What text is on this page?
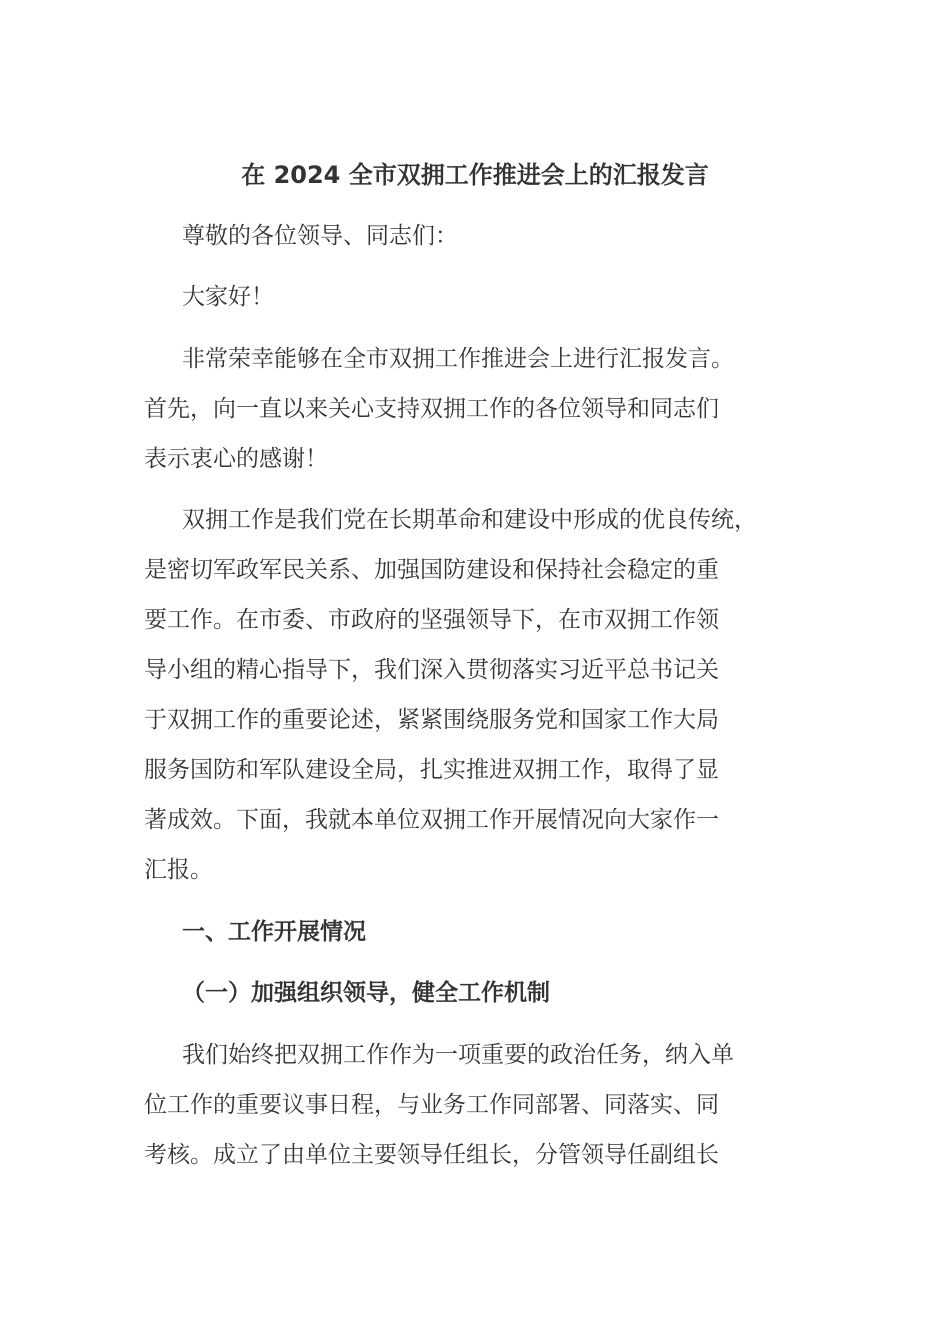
在 2024 全市双拥工作推进会上的汇报发言
尊敬的各位领导、同志们：
大家好！
非常荣幸能够在全市双拥工作推进会上进行汇报发言。
首先，向一直以来关心支持双拥工作的各位领导和同志们
表示衷心的感谢！
双拥工作是我们党在长期革命和建设中形成的优良传统，
是密切军政军民关系、加强国防建设和保持社会稳定的重
要工作。在市委、市政府的坚强领导下，在市双拥工作领
导小组的精心指导下，我们深入贯彻落实习近平总书记关
于双拥工作的重要论述，紧紧围绕服务党和国家工作大局
服务国防和军队建设全局，扎实推进双拥工作，取得了显
著成效。下面，我就本单位双拥工作开展情况向大家作一
汇报。
一、工作开展情况
（一）加强组织领导，健全工作机制
我们始终把双拥工作作为一项重要的政治任务，纳入单
位工作的重要议事日程，与业务工作同部署、同落实、同
考核。成立了由单位主要领导任组长，分管领导任副组长
